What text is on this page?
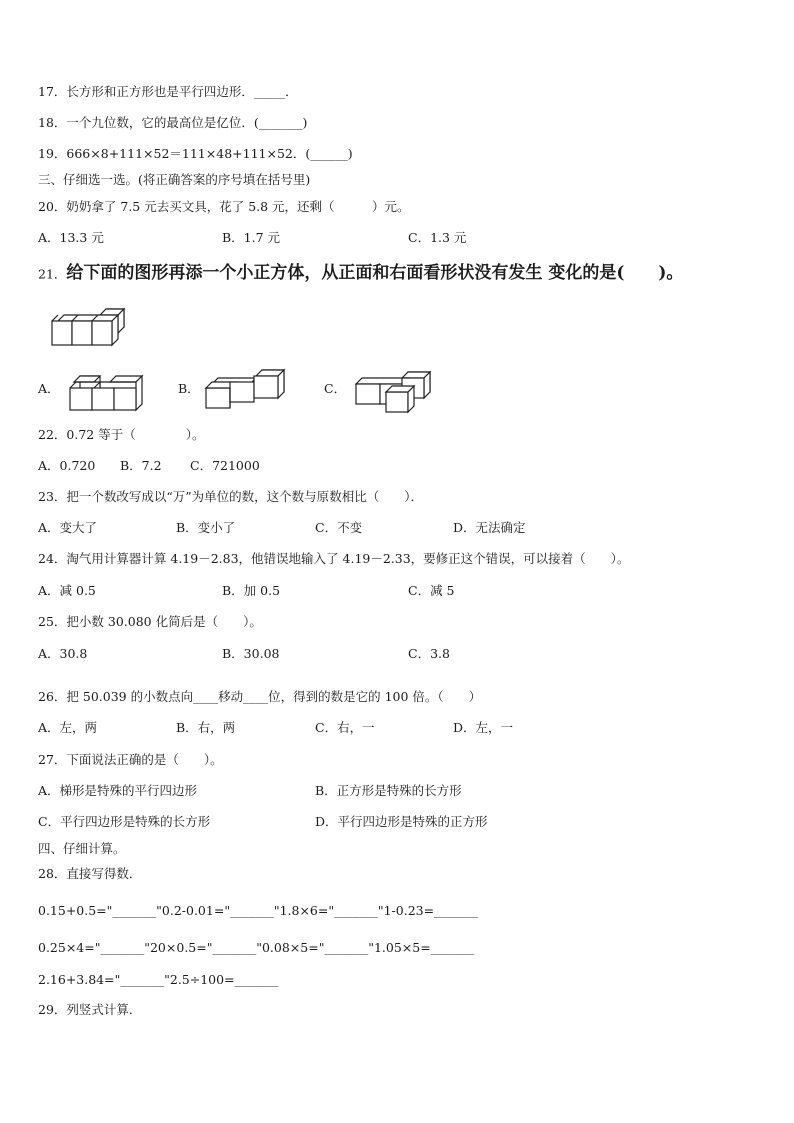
17．长方形和正方形也是平行四边形．_____．
18．一个九位数，它的最高位是亿位．(_______)
19．666×8+111×52＝111×48+111×52．(______)
三、仔细选一选。(将正确答案的序号填在括号里)
20．奶奶拿了 7.5 元去买文具，花了 5.8 元，还剩（　　　）元。
A．13.3 元	B．1.7 元	C．1.3 元
21．给下面的图形再添一个小正方体，从正面和右面看形状没有发生 变化的是(　　)。
A．	B．	C．
22．0.72 等于（　　　　）。
A．0.720 B．7.2 C．721000
23．把一个数改写成以“万”为单位的数，这个数与原数相比（　　）．
A．变大了	B．变小了	C．不变	D．无法确定
24．淘气用计算器计算 4.19－2.83，他错误地输入了 4.19－2.33，要修正这个错误，可以接着（　　）。
A．减 0.5	B．加 0.5	C．减 5
25．把小数 30.080 化简后是（　　）。
A．30.8	B．30.08	C．3.8
26．把 50.039 的小数点向____移动____位，得到的数是它的 100 倍。（　　）
A．左，两	B．右，两	C．右，一	D．左，一
27．下面说法正确的是（　　）。
A．梯形是特殊的平行四边形	B．正方形是特殊的长方形
C．平行四边形是特殊的长方形	D．平行四边形是特殊的正方形
四、仔细计算。
28．直接写得数．
0.15+0.5="_______"0.2-0.01="_______"1.8×6="_______"1-0.23=_______
0.25×4="_______"20×0.5="_______"0.08×5="_______"1.05×5=_______
2.16+3.84="_______"2.5÷100=_______
29．列竖式计算．
